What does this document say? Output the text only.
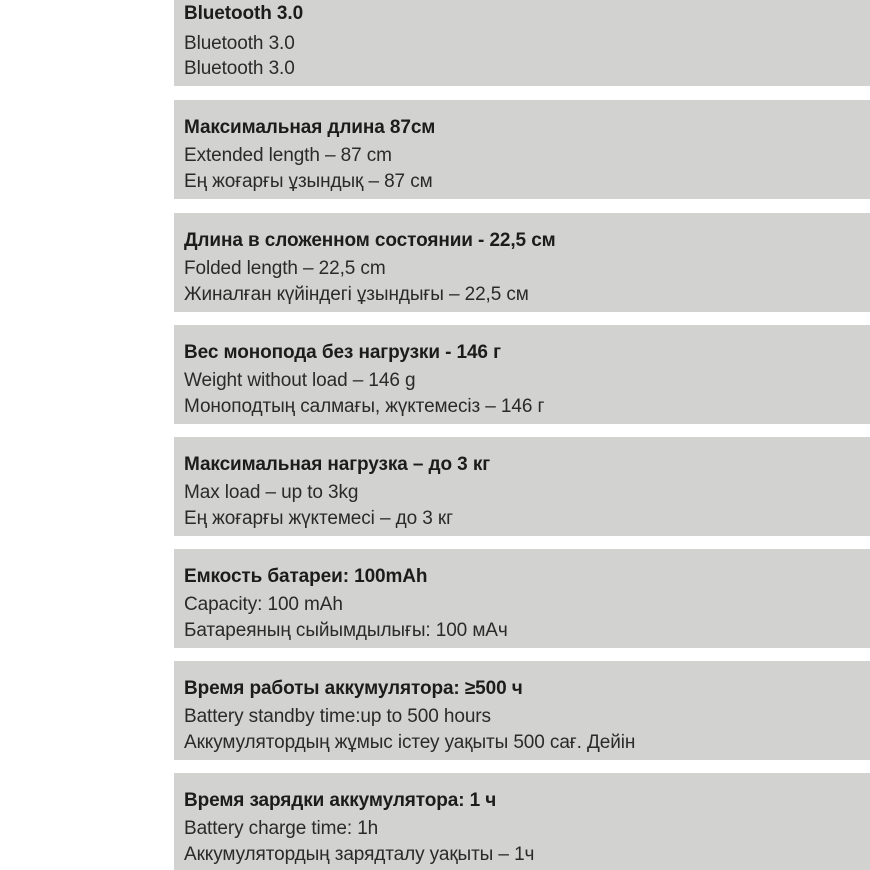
Bluetooth 3.0
Bluetooth 3.0
Bluetooth 3.0
Максимальная длина 87см
Extended length – 87 cm
Ең жоғарғы ұзындық – 87 см
Длина в сложенном состоянии - 22,5 см
Folded length – 22,5 cm
Жиналған күйіндегі ұзындығы – 22,5 см
Вес монопода без нагрузки - 146 г
Weight without load – 146 g
Моноподтың салмағы, жүктемесіз – 146 г
Максимальная нагрузка – до 3 кг
Max load – up to 3kg
Ең жоғарғы жүктемесі – до 3 кг
Емкость батареи: 100mAh
Capacity: 100 mAh
Батареяның сыйымдылығы: 100 мАч
Время работы аккумулятора: ≥500 ч
Battery standby time:up to 500 hours
Аккумулятордың жұмыс істеу уақыты 500 сағ. Дейін
Время зарядки аккумулятора: 1 ч
Battery charge time: 1h
Аккумулятордың зарядталу уақыты – 1ч
